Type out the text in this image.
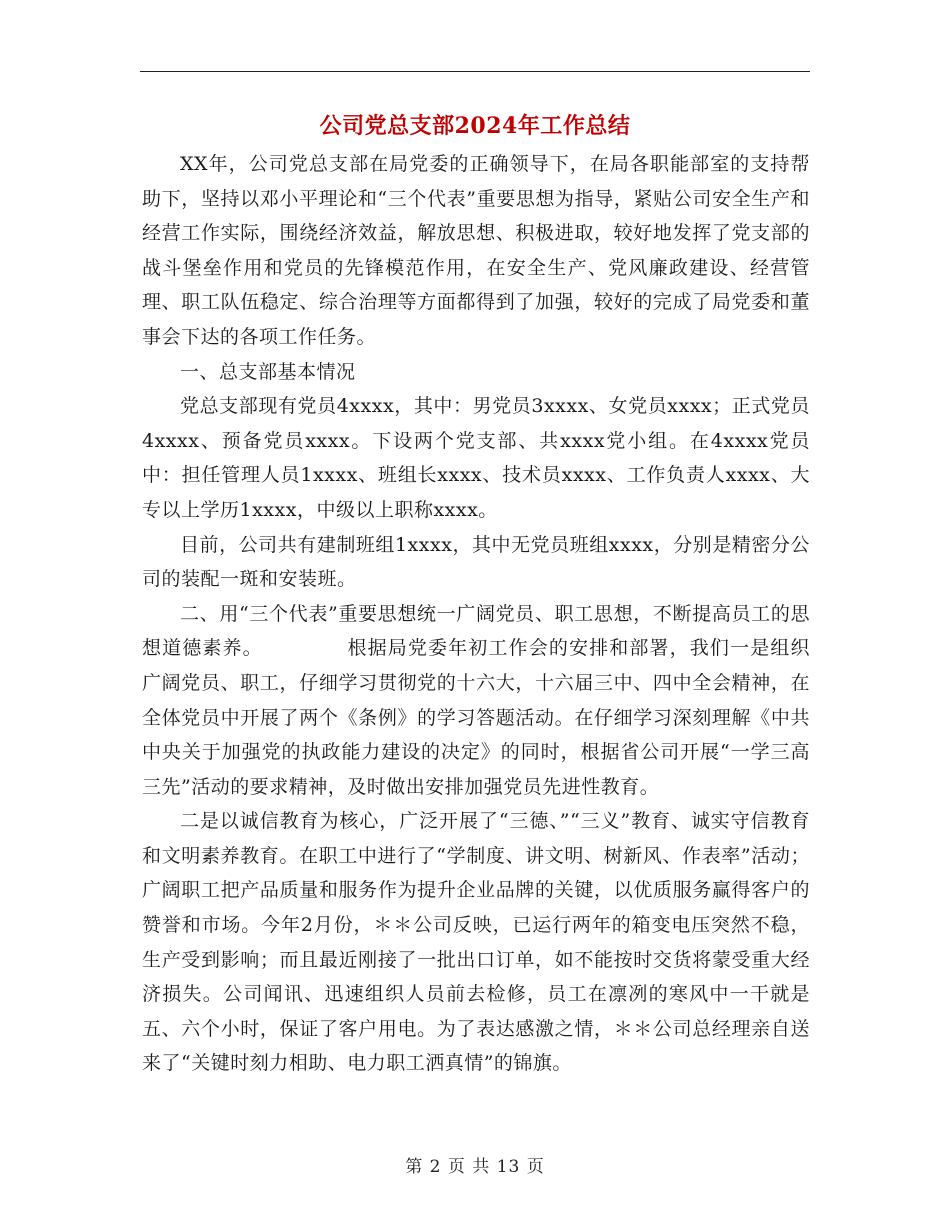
公司党总支部2024年工作总结

XX年，公司党总支部在局党委的正确领导下，在局各职能部室的支持帮助下，坚持以邓小平理论和“三个代表”重要思想为指导，紧贴公司安全生产和经营工作实际，围绕经济效益，解放思想、积极进取，较好地发挥了党支部的战斗堡垒作用和党员的先锋模范作用，在安全生产、党风廉政建设、经营管理、职工队伍稳定、综合治理等方面都得到了加强，较好的完成了局党委和董事会下达的各项工作任务。

一、总支部基本情况

党总支部现有党员4xxxx，其中：男党员3xxxx、女党员xxxx；正式党员4xxxx、预备党员xxxx。下设两个党支部、共xxxx党小组。在4xxxx党员中：担任管理人员1xxxx、班组长xxxx、技术员xxxx、工作负责人xxxx、大专以上学历1xxxx，中级以上职称xxxx。

目前，公司共有建制班组1xxxx，其中无党员班组xxxx，分别是精密分公司的装配一斑和安装班。

二、用“三个代表”重要思想统一广阔党员、职工思想，不断提高员工的思想道德素养。	根据局党委年初工作会的安排和部署，我们一是组织广阔党员、职工，仔细学习贯彻党的十六大，十六届三中、四中全会精神，在全体党员中开展了两个《条例》的学习答题活动。在仔细学习深刻理解《中共中央关于加强党的执政能力建设的决定》的同时，根据省公司开展“一学三高三先”活动的要求精神，及时做出安排加强党员先进性教育。

二是以诚信教育为核心，广泛开展了“三德、”“三义”教育、诚实守信教育和文明素养教育。在职工中进行了“学制度、讲文明、树新风、作表率”活动；广阔职工把产品质量和服务作为提升企业品牌的关键，以优质服务赢得客户的赞誉和市场。今年2月份，＊＊公司反映，已运行两年的箱变电压突然不稳，生产受到影响；而且最近刚接了一批出口订单，如不能按时交货将蒙受重大经济损失。公司闻讯、迅速组织人员前去检修，员工在凛冽的寒风中一干就是五、六个小时，保证了客户用电。为了表达感激之情，＊＊公司总经理亲自送来了“关键时刻力相助、电力职工洒真情”的锦旗。

第 2 页 共 13 页
